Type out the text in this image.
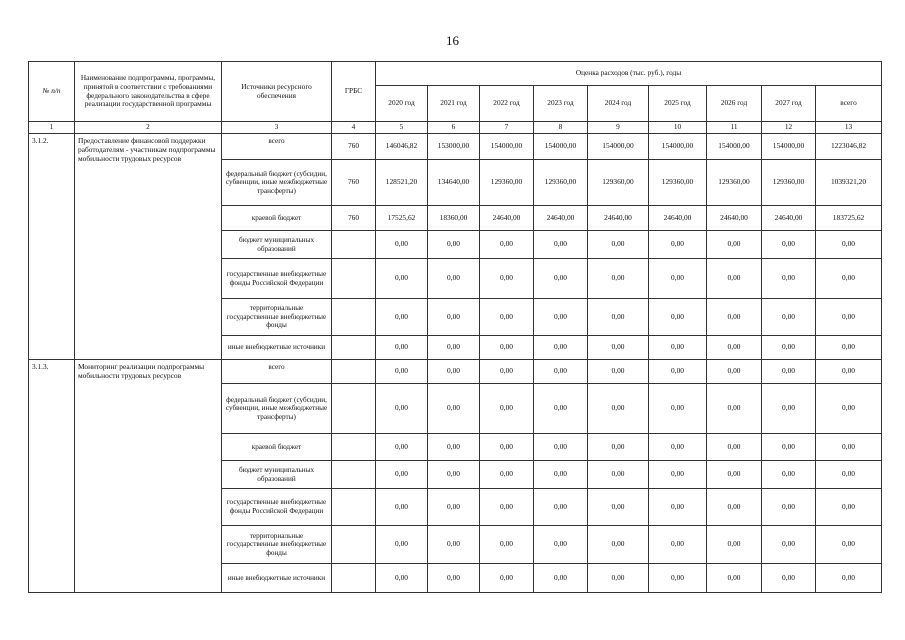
16
№ п/п	Наименование подпрограммы, программы, принятой в соответствии с требованиями федерального законодательства в сфере реализации государственной программы	Источники ресурсного обеспечения	ГРБС	Оценка расходов (тыс. руб.), годы								
				2020 год	2021 год	2022 год	2023 год	2024 год	2025 год	2026 год	2027 год	всего
1	2	3	4	5	6	7	8	9	10	11	12	13
3.1.2.	Предоставление финансовой поддержки работодателям - участникам подпрограммы мобильности трудовых ресурсов	всего	760	146046,82	153000,00	154000,00	154000,00	154000,00	154000,00	154000,00	154000,00	1223046,82
		федеральный бюджет (субсидии, субвенции, иные межбюджетные трансферты)	760	128521,20	134640,00	129360,00	129360,00	129360,00	129360,00	129360,00	129360,00	1039321,20
		краевой бюджет	760	17525,62	18360,00	24640,00	24640,00	24640,00	24640,00	24640,00	24640,00	183725,62
		бюджет муниципальных образований		0,00	0,00	0,00	0,00	0,00	0,00	0,00	0,00	0,00
		государственные внебюджетные фонды Российской Федерации		0,00	0,00	0,00	0,00	0,00	0,00	0,00	0,00	0,00
		территориальные государственные внебюджетные фонды		0,00	0,00	0,00	0,00	0,00	0,00	0,00	0,00	0,00
		иные внебюджетные источники		0,00	0,00	0,00	0,00	0,00	0,00	0,00	0,00	0,00
3.1.3.	Мониторинг реализации подпрограммы мобильности трудовых ресурсов	всего		0,00	0,00	0,00	0,00	0,00	0,00	0,00	0,00	0,00
		федеральный бюджет (субсидии, субвенции, иные межбюджетные трансферты)		0,00	0,00	0,00	0,00	0,00	0,00	0,00	0,00	0,00
		краевой бюджет		0,00	0,00	0,00	0,00	0,00	0,00	0,00	0,00	0,00
		бюджет муниципальных образований		0,00	0,00	0,00	0,00	0,00	0,00	0,00	0,00	0,00
		государственные внебюджетные фонды Российской Федерации		0,00	0,00	0,00	0,00	0,00	0,00	0,00	0,00	0,00
		территориальные государственные внебюджетные фонды		0,00	0,00	0,00	0,00	0,00	0,00	0,00	0,00	0,00
		иные внебюджетные источники		0,00	0,00	0,00	0,00	0,00	0,00	0,00	0,00	0,00
